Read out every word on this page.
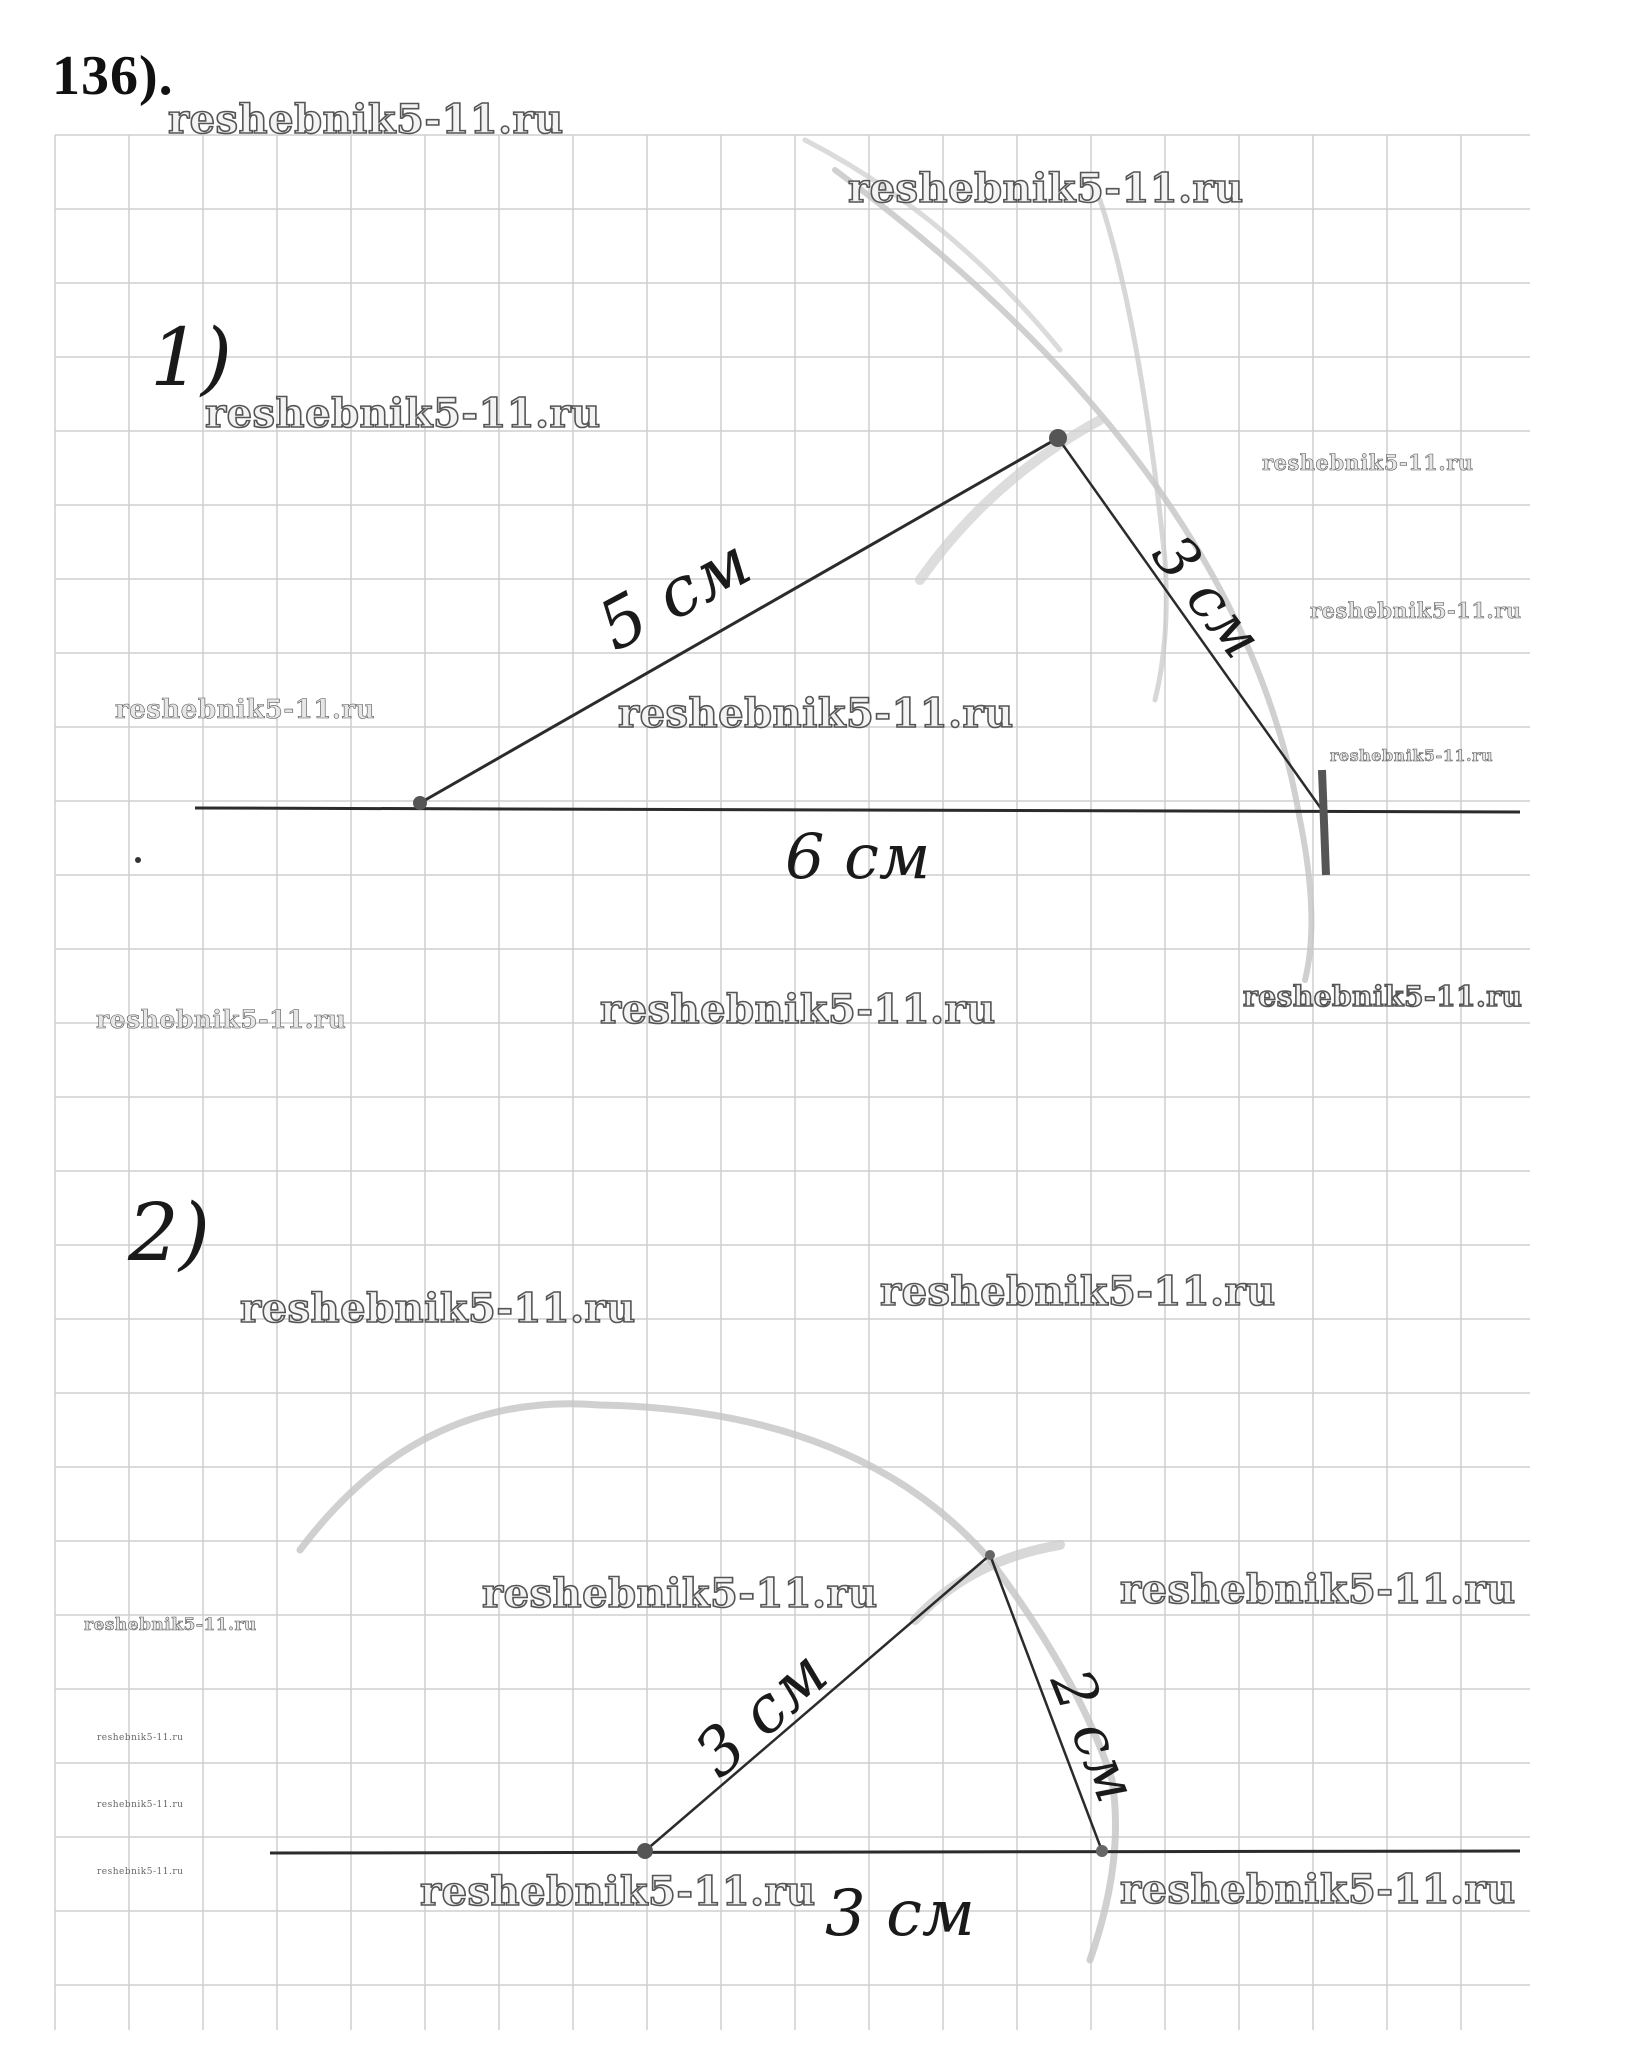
1)
5 см	3 см
6 см
2)
3 см	2 см
3 см
136).
reshebnik5-11.ru
reshebnik5-11.ru
reshebnik5-11.ru
reshebnik5-11.ru
reshebnik5-11.ru
reshebnik5-11.ru	reshebnik5-11.ru
reshebnik5-11.ru
reshebnik5-11.ru
reshebnik5-11.ru	reshebnik5-11.ru
reshebnik5-11.ru
reshebnik5-11.ru
reshebnik5-11.ru	reshebnik5-11.ru
reshebnik5-11.ru
reshebnik5-11.ru
reshebnik5-11.ru
reshebnik5-11.ru	reshebnik5-11.ru	reshebnik5-11.ru
